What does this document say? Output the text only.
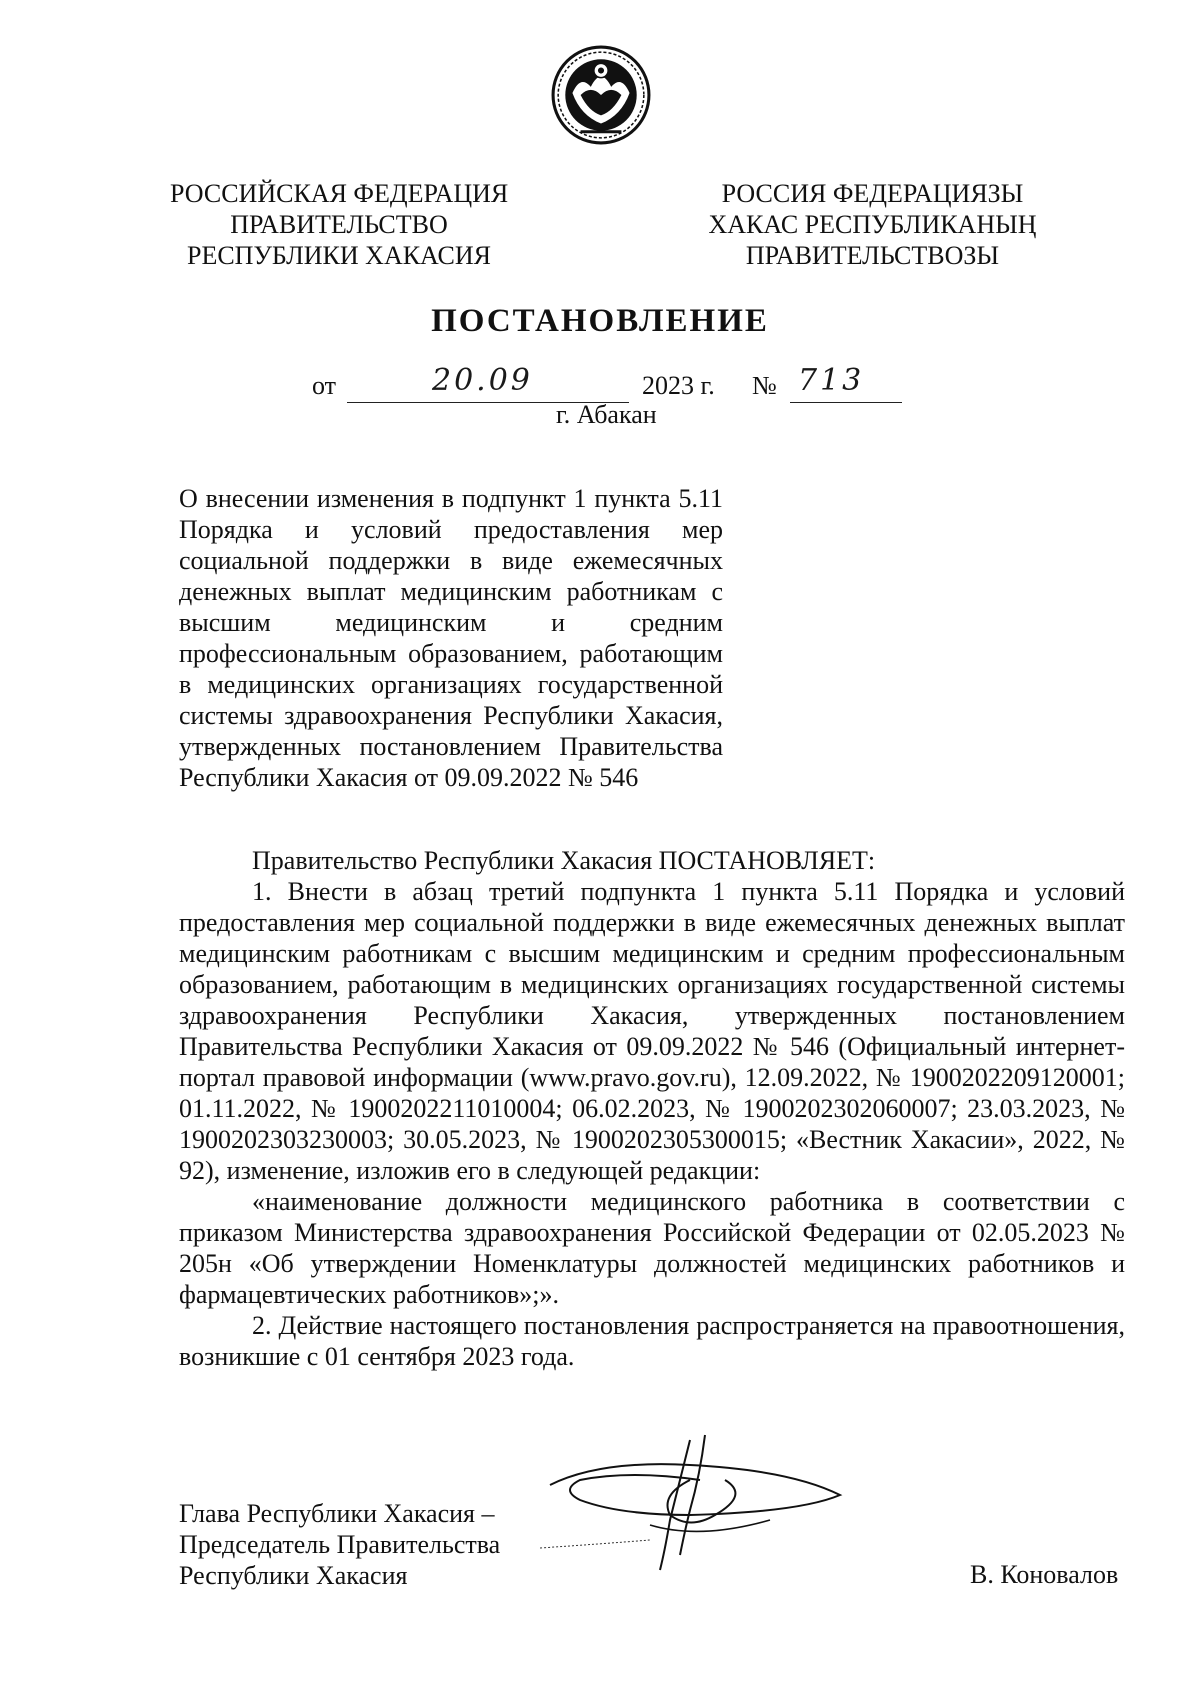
РОССИЙСКАЯ ФЕДЕРАЦИЯ
ПРАВИТЕЛЬСТВО
РЕСПУБЛИКИ ХАКАСИЯ
РОССИЯ ФЕДЕРАЦИЯЗЫ
ХАКАС РЕСПУБЛИКАНЫҢ
ПРАВИТЕЛЬСТВОЗЫ
ПОСТАНОВЛЕНИЕ
от	20.09	2023 г. № 713
г. Абакан
О внесении изменения в подпункт 1 пункта 5.11 Порядка и условий предоставления мер социальной поддержки в виде ежемесячных денежных выплат медицинским работникам с высшим медицинским и средним профессиональным образованием, работающим в медицинских организациях государственной системы здравоохранения Республики Хакасия, утвержденных постановлением Правительства Республики Хакасия от 09.09.2022 № 546

Правительство Республики Хакасия ПОСТАНОВЛЯЕТ:

1. Внести в абзац третий подпункта 1 пункта 5.11 Порядка и условий предоставления мер социальной поддержки в виде ежемесячных денежных выплат медицинским работникам с высшим медицинским и средним профессиональным образованием, работающим в медицинских организациях государственной системы здравоохранения Республики Хакасия, утвержденных постановлением Правительства Республики Хакасия от 09.09.2022 № 546 (Официальный интернет-портал правовой информации (www.pravo.gov.ru), 12.09.2022, № 1900202209120001; 01.11.2022, № 1900202211010004; 06.02.2023, № 1900202302060007; 23.03.2023, № 1900202303230003; 30.05.2023, № 1900202305300015; «Вестник Хакасии», 2022, № 92), изменение, изложив его в следующей редакции:

«наименование должности медицинского работника в соответствии с приказом Министерства здравоохранения Российской Федерации от 02.05.2023 № 205н «Об утверждении Номенклатуры должностей медицинских работников и фармацевтических работников»;».

2. Действие настоящего постановления распространяется на правоотношения, возникшие с 01 сентября 2023 года.

Глава Республики Хакасия –
Председатель Правительства
Республики Хакасия	В. Коновалов
